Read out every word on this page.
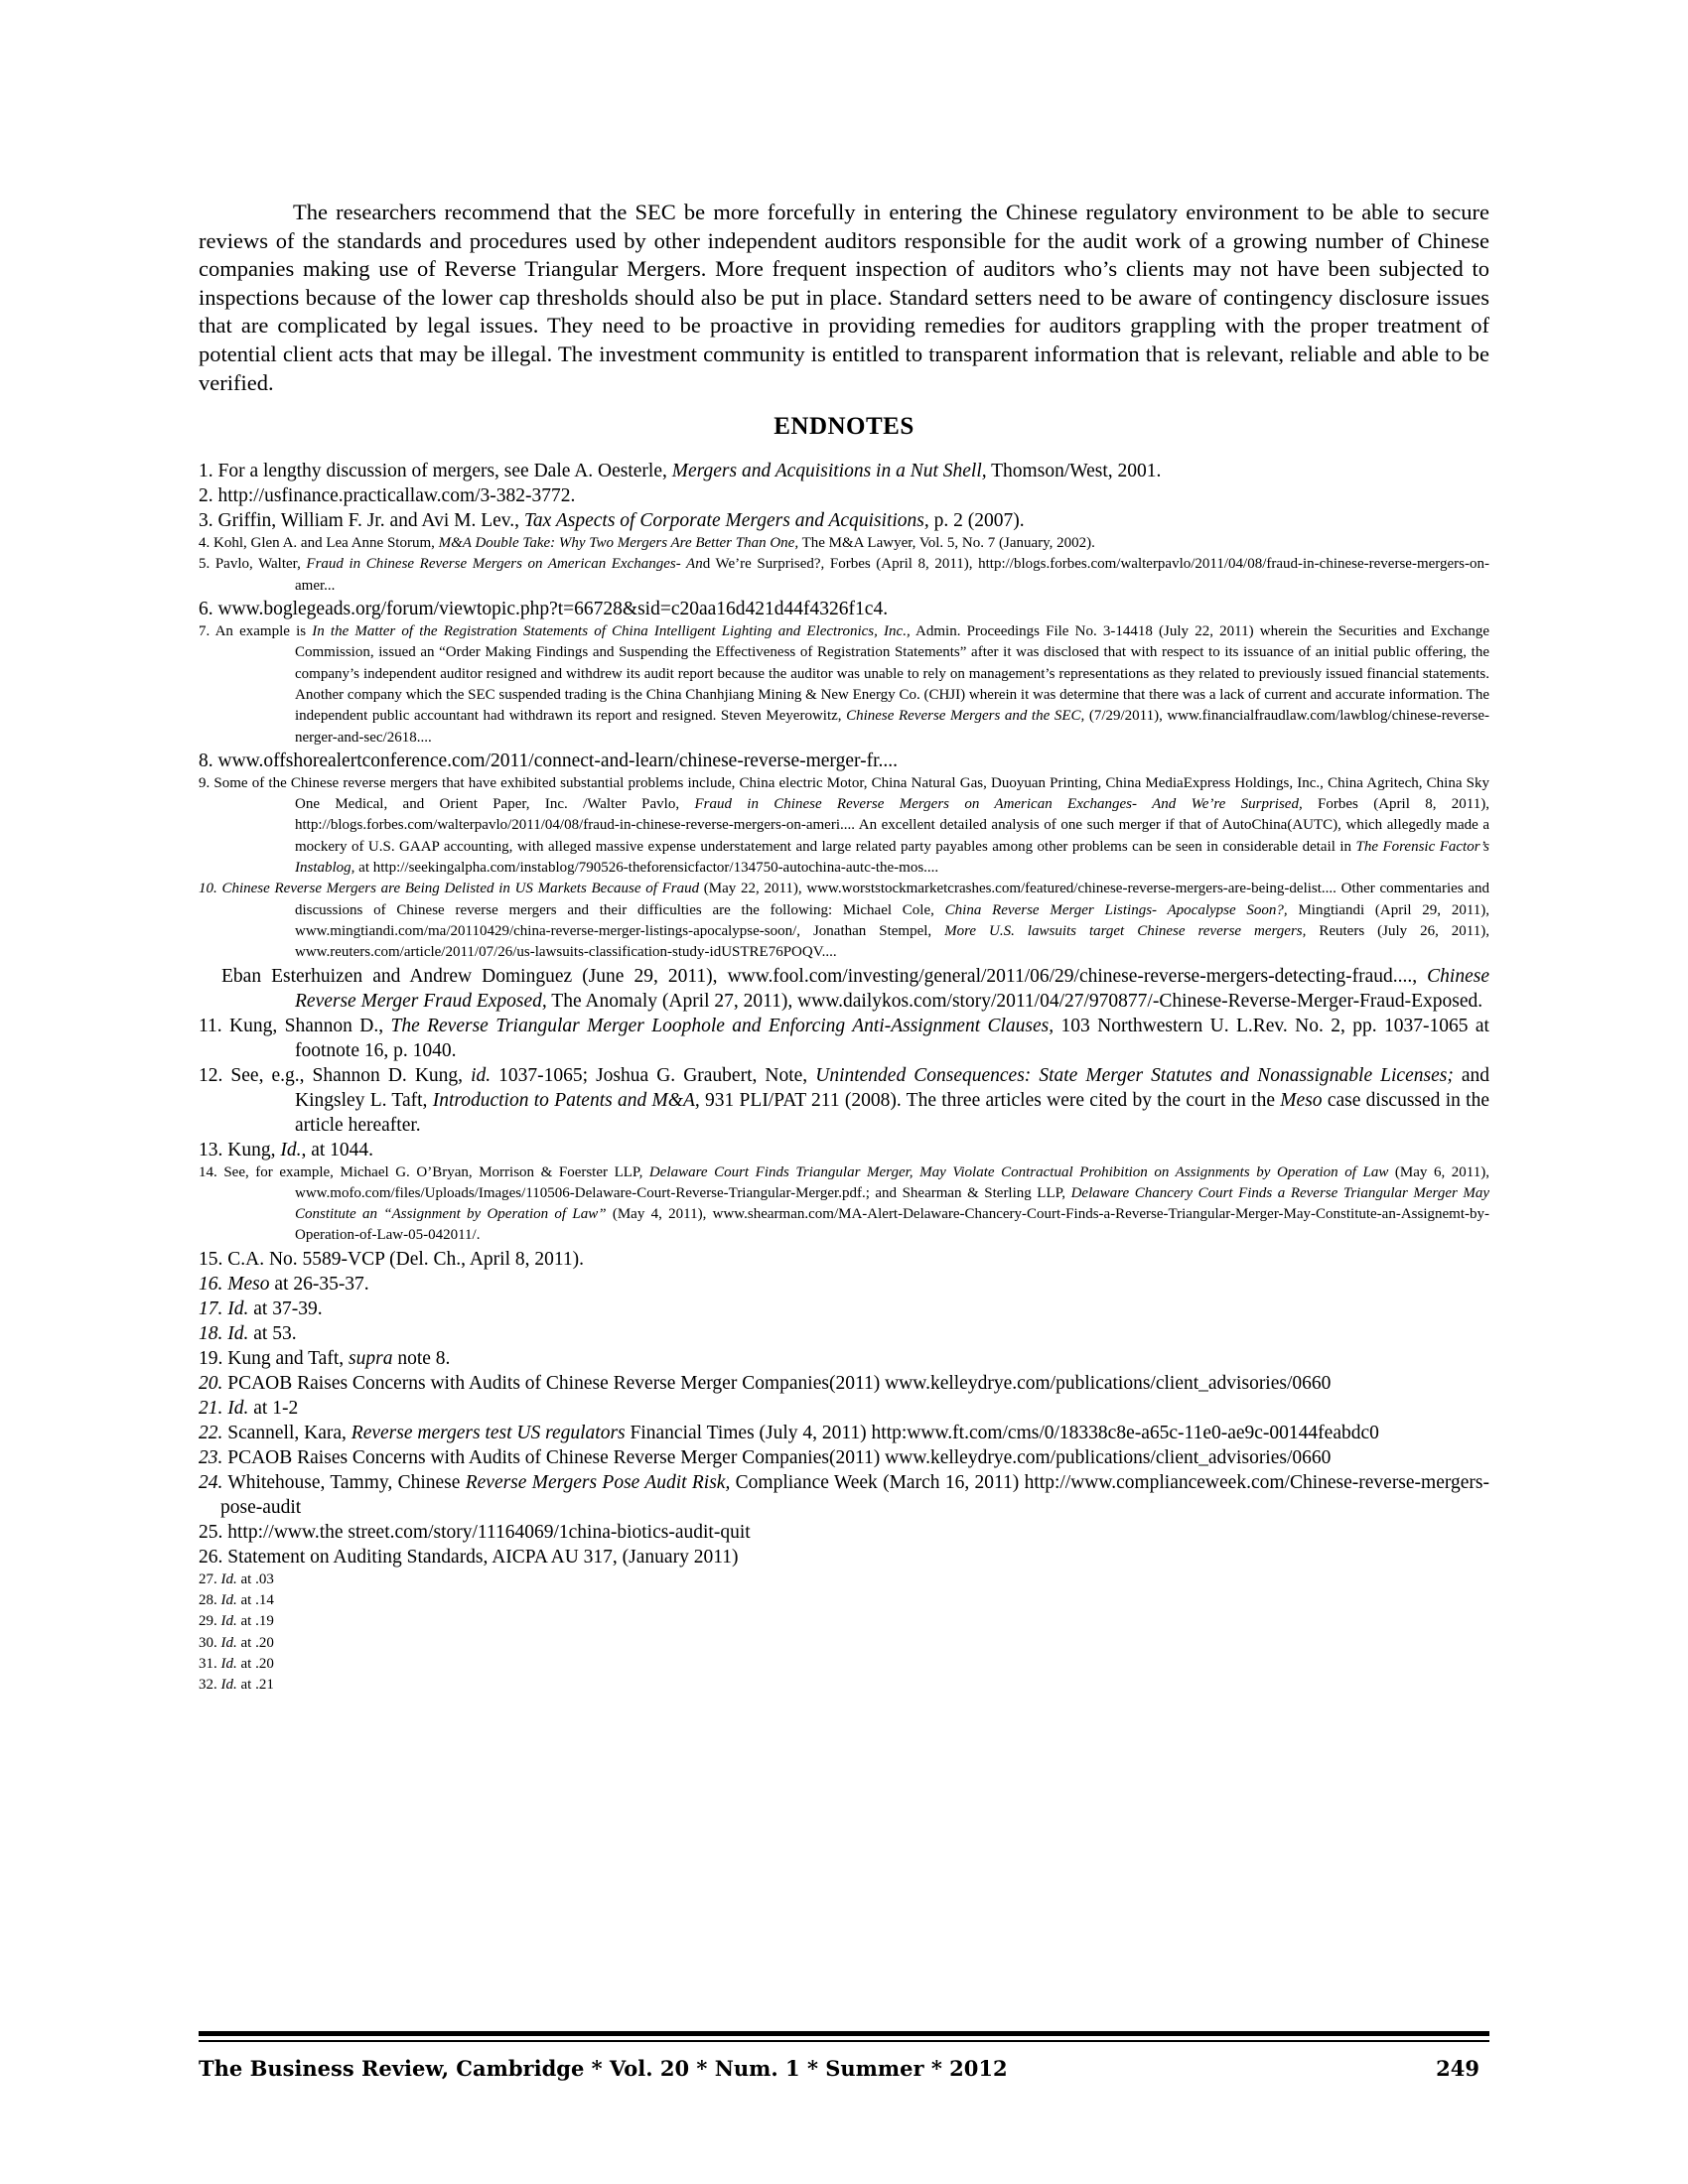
The researchers recommend that the SEC be more forcefully in entering the Chinese regulatory environment to be able to secure reviews of the standards and procedures used by other independent auditors responsible for the audit work of a growing number of Chinese companies making use of Reverse Triangular Mergers. More frequent inspection of auditors who’s clients may not have been subjected to inspections because of the lower cap thresholds should also be put in place. Standard setters need to be aware of contingency disclosure issues that are complicated by legal issues. They need to be proactive in providing remedies for auditors grappling with the proper treatment of potential client acts that may be illegal. The investment community is entitled to transparent information that is relevant, reliable and able to be verified.

ENDNOTES

1. For a lengthy discussion of mergers, see Dale A. Oesterle, Mergers and Acquisitions in a Nut Shell, Thomson/West, 2001.

2. http://usfinance.practicallaw.com/3-382-3772.

3. Griffin, William F. Jr. and Avi M. Lev., Tax Aspects of Corporate Mergers and Acquisitions, p. 2 (2007).

4. Kohl, Glen A. and Lea Anne Storum, M&A Double Take: Why Two Mergers Are Better Than One, The M&A Lawyer, Vol. 5, No. 7 (January, 2002).

5. Pavlo, Walter, Fraud in Chinese Reverse Mergers on American Exchanges- And We’re Surprised?, Forbes (April 8, 2011), http://blogs.forbes.com/walterpavlo/2011/04/08/fraud-in-chinese-reverse-mergers-on-amer...

6. www.boglegeads.org/forum/viewtopic.php?t=66728&sid=c20aa16d421d44f4326f1c4.

7. An example is In the Matter of the Registration Statements of China Intelligent Lighting and Electronics, Inc., Admin. Proceedings File No. 3-14418 (July 22, 2011) wherein the Securities and Exchange Commission, issued an “Order Making Findings and Suspending the Effectiveness of Registration Statements” after it was disclosed that with respect to its issuance of an initial public offering, the company’s independent auditor resigned and withdrew its audit report because the auditor was unable to rely on management’s representations as they related to previously issued financial statements. Another company which the SEC suspended trading is the China Chanhjiang Mining & New Energy Co. (CHJI) wherein it was determine that there was a lack of current and accurate information. The independent public accountant had withdrawn its report and resigned. Steven Meyerowitz, Chinese Reverse Mergers and the SEC, (7/29/2011), www.financialfraudlaw.com/lawblog/chinese-reverse-nerger-and-sec/2618....

8. www.offshorealertconference.com/2011/connect-and-learn/chinese-reverse-merger-fr....

9. Some of the Chinese reverse mergers that have exhibited substantial problems include, China electric Motor, China Natural Gas, Duoyuan Printing, China MediaExpress Holdings, Inc., China Agritech, China Sky One Medical, and Orient Paper, Inc. /Walter Pavlo, Fraud in Chinese Reverse Mergers on American Exchanges- And We’re Surprised, Forbes (April 8, 2011), http://blogs.forbes.com/walterpavlo/2011/04/08/fraud-in-chinese-reverse-mergers-on-ameri.... An excellent detailed analysis of one such merger if that of AutoChina(AUTC), which allegedly made a mockery of U.S. GAAP accounting, with alleged massive expense understatement and large related party payables among other problems can be seen in considerable detail in The Forensic Factor’s Instablog, at http://seekingalpha.com/instablog/790526-theforensicfactor/134750-autochina-autc-the-mos....

10. Chinese Reverse Mergers are Being Delisted in US Markets Because of Fraud (May 22, 2011), www.worststockmarketcrashes.com/featured/chinese-reverse-mergers-are-being-delist.... Other commentaries and discussions of Chinese reverse mergers and their difficulties are the following: Michael Cole, China Reverse Merger Listings- Apocalypse Soon?, Mingtiandi (April 29, 2011), www.mingtiandi.com/ma/20110429/china-reverse-merger-listings-apocalypse-soon/, Jonathan Stempel, More U.S. lawsuits target Chinese reverse mergers, Reuters (July 26, 2011), www.reuters.com/article/2011/07/26/us-lawsuits-classification-study-idUSTRE76POQV....

Eban Esterhuizen and Andrew Dominguez (June 29, 2011), www.fool.com/investing/general/2011/06/29/chinese-reverse-mergers-detecting-fraud...., Chinese Reverse Merger Fraud Exposed, The Anomaly (April 27, 2011), www.dailykos.com/story/2011/04/27/970877/-Chinese-Reverse-Merger-Fraud-Exposed.

11. Kung, Shannon D., The Reverse Triangular Merger Loophole and Enforcing Anti-Assignment Clauses, 103 Northwestern U. L.Rev. No. 2, pp. 1037-1065 at footnote 16, p. 1040.

12. See, e.g., Shannon D. Kung, id. 1037-1065; Joshua G. Graubert, Note, Unintended Consequences: State Merger Statutes and Nonassignable Licenses; and Kingsley L. Taft, Introduction to Patents and M&A, 931 PLI/PAT 211 (2008). The three articles were cited by the court in the Meso case discussed in the article hereafter.

13. Kung, Id., at 1044.

14. See, for example, Michael G. O’Bryan, Morrison & Foerster LLP, Delaware Court Finds Triangular Merger, May Violate Contractual Prohibition on Assignments by Operation of Law (May 6, 2011), www.mofo.com/files/Uploads/Images/110506-Delaware-Court-Reverse-Triangular-Merger.pdf.; and Shearman & Sterling LLP, Delaware Chancery Court Finds a Reverse Triangular Merger May Constitute an “Assignment by Operation of Law” (May 4, 2011), www.shearman.com/MA-Alert-Delaware-Chancery-Court-Finds-a-Reverse-Triangular-Merger-May-Constitute-an-Assignemt-by-Operation-of-Law-05-042011/.

15. C.A. No. 5589-VCP (Del. Ch., April 8, 2011).

16. Meso at 26-35-37.

17. Id. at 37-39.

18. Id. at 53.

19. Kung and Taft, supra note 8.

20. PCAOB Raises Concerns with Audits of Chinese Reverse Merger Companies(2011) www.kelleydrye.com/publications/client_advisories/0660

21. Id. at 1-2

22. Scannell, Kara, Reverse mergers test US regulators Financial Times (July 4, 2011) http:www.ft.com/cms/0/18338c8e-a65c-11e0-ae9c-00144feabdc0

23. PCAOB Raises Concerns with Audits of Chinese Reverse Merger Companies(2011) www.kelleydrye.com/publications/client_advisories/0660

24. Whitehouse, Tammy, Chinese Reverse Mergers Pose Audit Risk, Compliance Week (March 16, 2011) http://www.complianceweek.com/Chinese-reverse-mergers-pose-audit

25. http://www.the street.com/story/11164069/1china-biotics-audit-quit

26. Statement on Auditing Standards, AICPA AU 317, (January 2011)

27. Id. at .03

28. Id. at .14

29. Id. at .19

30. Id. at .20

31. Id. at .20

32. Id. at .21

The Business Review, Cambridge * Vol. 20 * Num. 1 * Summer * 2012	249
